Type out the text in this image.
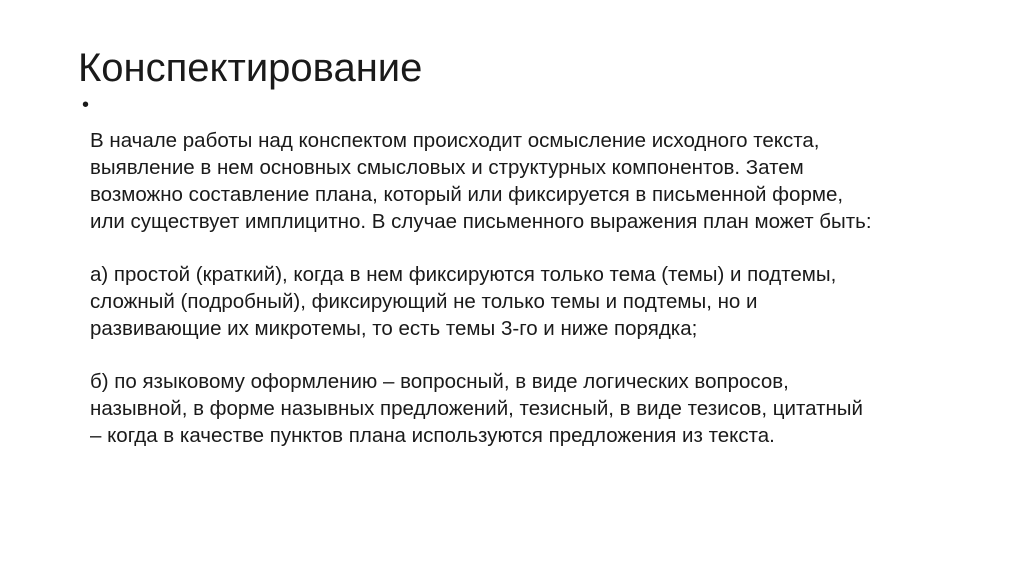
Конспектирование
•

В начале работы над конспектом происходит осмысление исходного текста,
выявление в нем основных смысловых и структурных компонентов. Затем
возможно составление плана, который или фиксируется в письменной форме,
или существует имплицитно. В случае письменного выражения план может быть:

а) простой (краткий), когда в нем фиксируются только тема (темы) и подтемы,
сложный (подробный), фиксирующий не только темы и подтемы, но и
развивающие их микротемы, то есть темы 3-го и ниже порядка;

б) по языковому оформлению – вопросный, в виде логических вопросов,
назывной, в форме назывных предложений, тезисный, в виде тезисов, цитатный
– когда в качестве пунктов плана используются предложения из текста.
